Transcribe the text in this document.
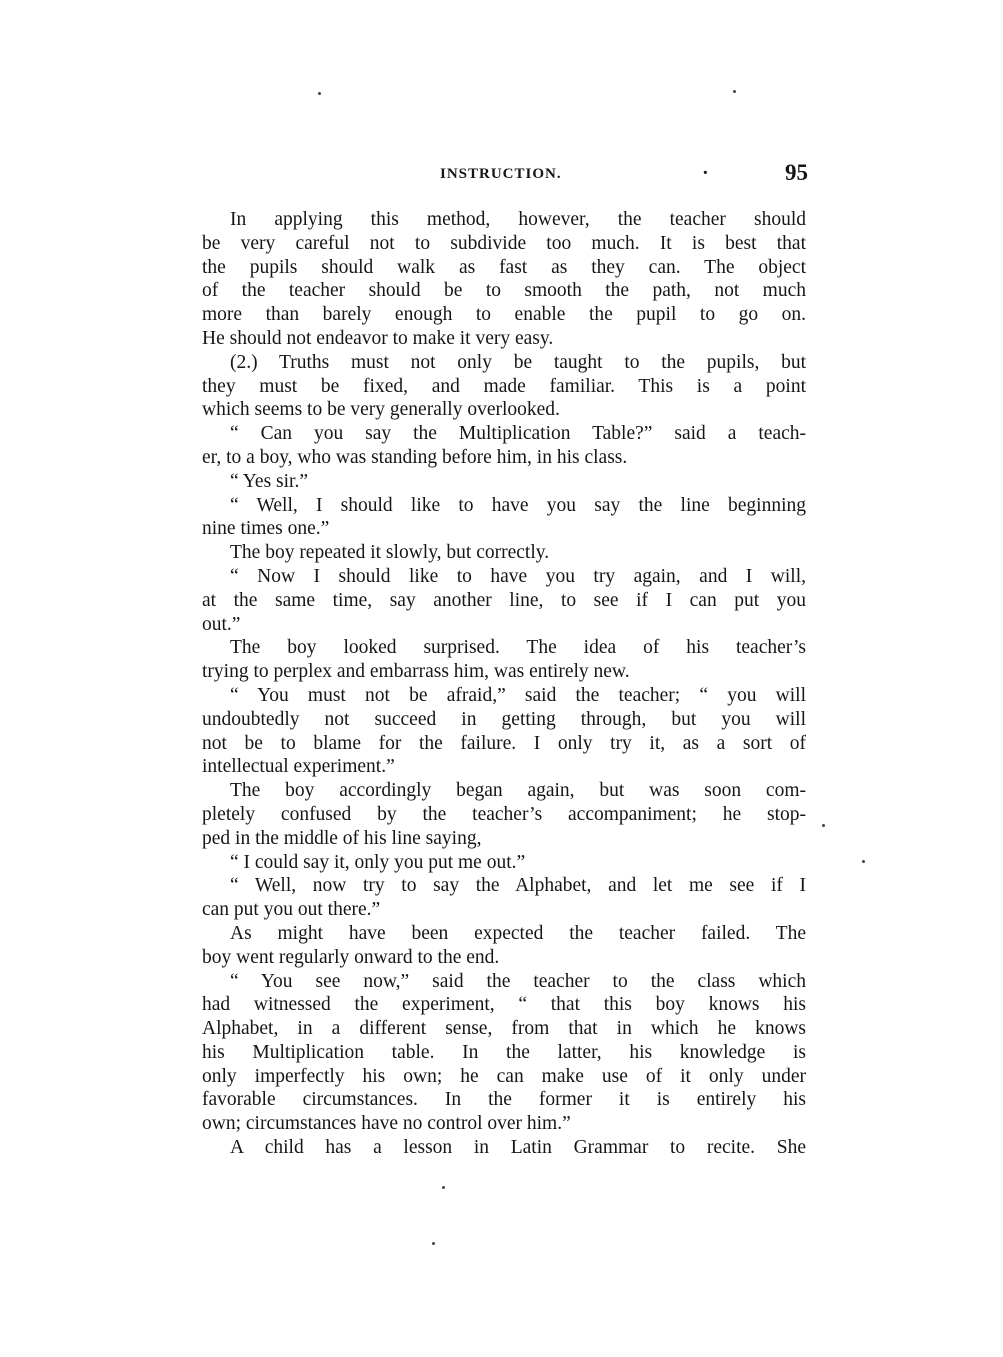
INSTRUCTION.	·	95
In applying this method, however, the teacher should
be very careful not to subdivide too much. It is best that
the pupils should walk as fast as they can. The object
of the teacher should be to smooth the path, not much
more than barely enough to enable the pupil to go on.
He should not endeavor to make it very easy.
(2.) Truths must not only be taught to the pupils, but
they must be fixed, and made familiar. This is a point
which seems to be very generally overlooked.
“ Can you say the Multiplication Table?” said a teach-
er, to a boy, who was standing before him, in his class.
“ Yes sir.”
“ Well, I should like to have you say the line beginning
nine times one.”
The boy repeated it slowly, but correctly.
“ Now I should like to have you try again, and I will,
at the same time, say another line, to see if I can put you
out.”
The boy looked surprised. The idea of his teacher’s
trying to perplex and embarrass him, was entirely new.
“ You must not be afraid,” said the teacher; “ you will
undoubtedly not succeed in getting through, but you will
not be to blame for the failure. I only try it, as a sort of
intellectual experiment.”
The boy accordingly began again, but was soon com-
pletely confused by the teacher’s accompaniment; he stop-
ped in the middle of his line saying,
“ I could say it, only you put me out.”
“ Well, now try to say the Alphabet, and let me see if I
can put you out there.”
As might have been expected the teacher failed. The
boy went regularly onward to the end.
“ You see now,” said the teacher to the class which
had witnessed the experiment, “ that this boy knows his
Alphabet, in a different sense, from that in which he knows
his Multiplication table. In the latter, his knowledge is
only imperfectly his own; he can make use of it only under
favorable circumstances. In the former it is entirely his
own; circumstances have no control over him.”
A child has a lesson in Latin Grammar to recite. She
